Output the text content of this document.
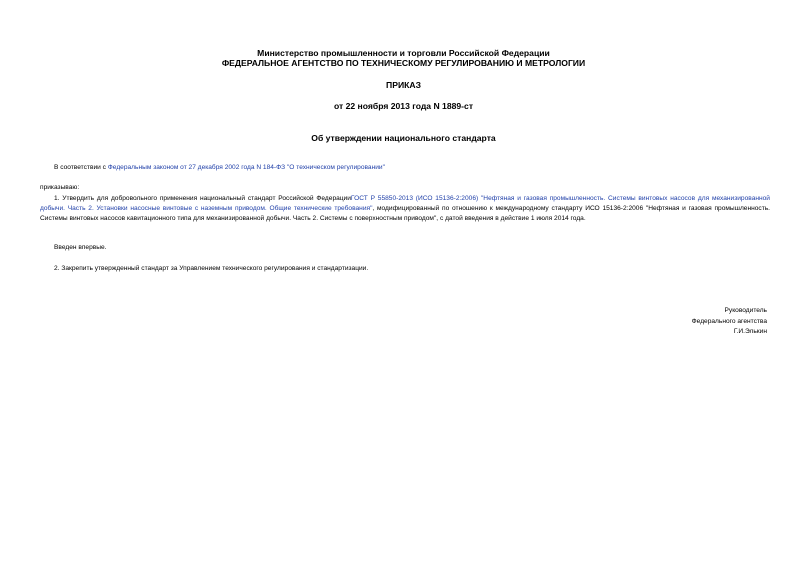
Министерство промышленности и торговли Российской Федерации
ФЕДЕРАЛЬНОЕ АГЕНТСТВО ПО ТЕХНИЧЕСКОМУ РЕГУЛИРОВАНИЮ И МЕТРОЛОГИИ
ПРИКАЗ
от 22 ноября 2013 года N 1889-ст
Об утверждении национального стандарта
В соответствии с Федеральным законом от 27 декабря 2002 года N 184-ФЗ "О техническом регулировании"
приказываю:
1. Утвердить для добровольного применения национальный стандарт Российской ФедерацииГОСТ Р 55850-2013 (ИСО 15136-2:2006) "Нефтяная и газовая промышленность. Системы винтовых насосов для механизированной добычи. Часть 2. Установки насосные винтовые с наземным приводом. Общие технические требования", модифицированный по отношению к международному стандарту ИСО 15136-2:2006 "Нефтяная и газовая промышленность. Системы винтовых насосов кавитационного типа для механизированной добычи. Часть 2. Системы с поверхностным приводом", с датой введения в действие 1 июля 2014 года.
Введен впервые.
2. Закрепить утвержденный стандарт за Управлением технического регулирования и стандартизации.
Руководитель
Федерального агентства
Г.И.Элькин
